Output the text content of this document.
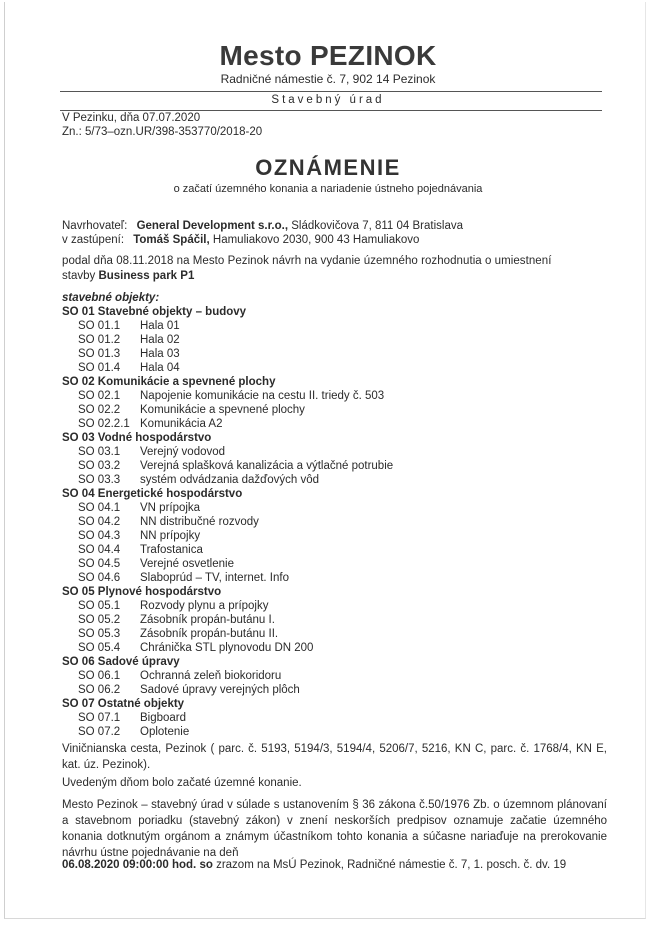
Mesto PEZINOK
Radničné námestie č. 7, 902 14 Pezinok
Stavebný úrad
V Pezinku, dňa 07.07.2020
Zn.: 5/73–ozn.UR/398-353770/2018-20
OZNÁMENIE
o začatí územného konania a nariadenie ústneho pojednávania
Navrhovateľ: General Development s.r.o., Sládkovičova 7, 811 04 Bratislava
v zastúpení: Tomáš Spáčil, Hamuliakovo 2030, 900 43 Hamuliakovo
podal dňa 08.11.2018 na Mesto Pezinok návrh na vydanie územného rozhodnutia o umiestnení
stavby Business park P1
stavebné objekty:
SO 01 Stavebné objekty – budovy
SO 01.1 Hala 01
SO 01.2 Hala 02
SO 01.3 Hala 03
SO 01.4 Hala 04
SO 02 Komunikácie a spevnené plochy
SO 02.1 Napojenie komunikácie na cestu II. triedy č. 503
SO 02.2 Komunikácie a spevnené plochy
SO 02.2.1 Komunikácia A2
SO 03 Vodné hospodárstvo
SO 03.1 Verejný vodovod
SO 03.2 Verejná splašková kanalizácia a výtlačné potrubie
SO 03.3 systém odvádzania dažďových vôd
SO 04 Energetické hospodárstvo
SO 04.1 VN prípojka
SO 04.2 NN distribučné rozvody
SO 04.3 NN prípojky
SO 04.4 Trafostanica
SO 04.5 Verejné osvetlenie
SO 04.6 Slaboprúd – TV, internet. Info
SO 05 Plynové hospodárstvo
SO 05.1 Rozvody plynu a prípojky
SO 05.2 Zásobník propán-butánu I.
SO 05.3 Zásobník propán-butánu II.
SO 05.4 Chránička STL plynovodu DN 200
SO 06 Sadové úpravy
SO 06.1 Ochranná zeleň biokoridoru
SO 06.2 Sadové úpravy verejných plôch
SO 07 Ostatné objekty
SO 07.1 Bigboard
SO 07.2 Oplotenie
Viničnianska cesta, Pezinok ( parc. č. 5193, 5194/3, 5194/4, 5206/7, 5216, KN C, parc. č. 1768/4, KN E, kat. úz. Pezinok).
Uvedeným dňom bolo začaté územné konanie.
Mesto Pezinok – stavebný úrad v súlade s ustanovením § 36 zákona č.50/1976 Zb. o územnom plánovaní a stavebnom poriadku (stavebný zákon) v znení neskorších predpisov oznamuje začatie územného konania dotknutým orgánom a známym účastníkom tohto konania a súčasne nariaďuje na prerokovanie návrhu ústne pojednávanie na deň
06.08.2020 09:00:00 hod. so zrazom na MsÚ Pezinok, Radničné námestie č. 7, 1. posch. č. dv. 19
